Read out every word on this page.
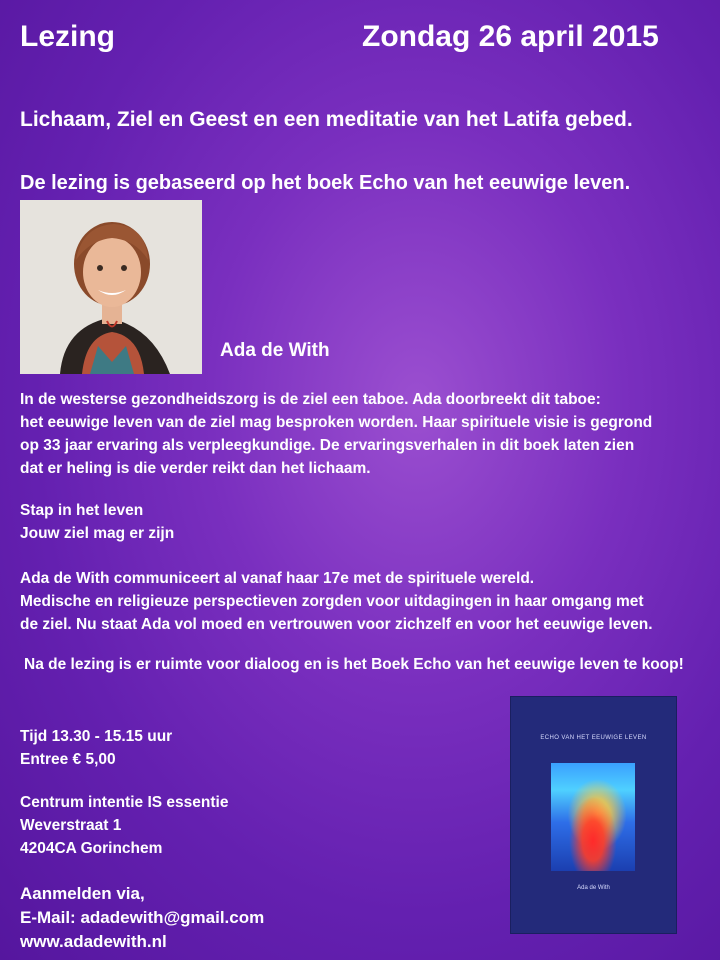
Lezing	Zondag 26 april 2015
Lichaam, Ziel en Geest en een meditatie van het Latifa gebed.
De lezing is gebaseerd op het boek Echo van het eeuwige leven.
Ada de With
In de westerse gezondheidszorg is de ziel een taboe. Ada doorbreekt dit taboe:
het eeuwige leven van de ziel mag besproken worden. Haar spirituele visie is gegrond
op 33 jaar ervaring als verpleegkundige. De ervaringsverhalen in dit boek laten zien
dat er heling is die verder reikt dan het lichaam.
Stap in het leven
Jouw ziel mag er zijn
Ada de With communiceert al vanaf haar 17e met de spirituele wereld.
Medische en religieuze perspectieven zorgden voor uitdagingen in haar omgang met
de ziel. Nu staat Ada vol moed en vertrouwen voor zichzelf en voor het eeuwige leven.
Na de lezing is er ruimte voor dialoog en is het Boek Echo van het eeuwige leven te koop!
Tijd 13.30 - 15.15 uur
Entree € 5,00
Centrum intentie IS essentie
Weverstraat 1
4204CA Gorinchem
Aanmelden via,
E-Mail: adadewith@gmail.com
www.adadewith.nl
ECHO VAN HET EEUWIGE LEVEN
Ada de With
